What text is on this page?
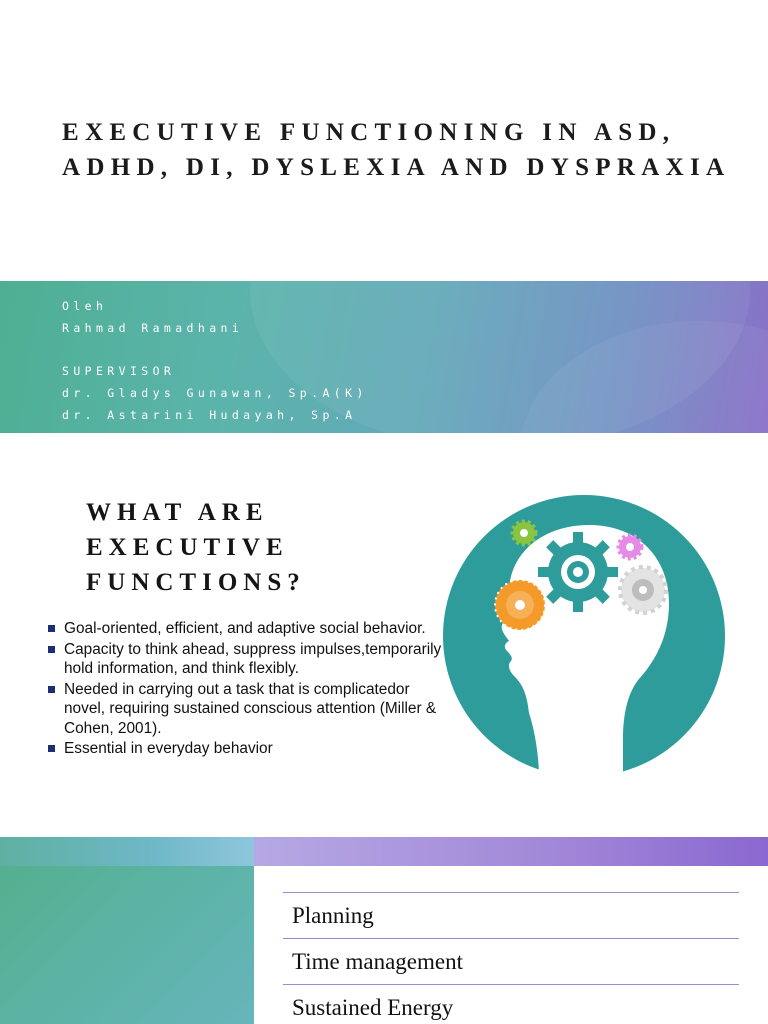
EXECUTIVE FUNCTIONING IN ASD, ADHD, DI, DYSLEXIA AND DYSPRAXIA
Oleh
Rahmad Ramadhani
SUPERVISOR
dr. Gladys Gunawan, Sp.A(K)
dr. Astarini Hudayah, Sp.A
WHAT ARE EXECUTIVE FUNCTIONS?
Goal-oriented, efficient, and adaptive social behavior.
Capacity to think ahead, suppress impulses,temporarily hold information, and think flexibly.
Needed in carrying out a task that is complicatedor novel, requiring sustained conscious attention (Miller & Cohen, 2001).
Essential in everyday behavior
Planning
Time management
Sustained Energy
